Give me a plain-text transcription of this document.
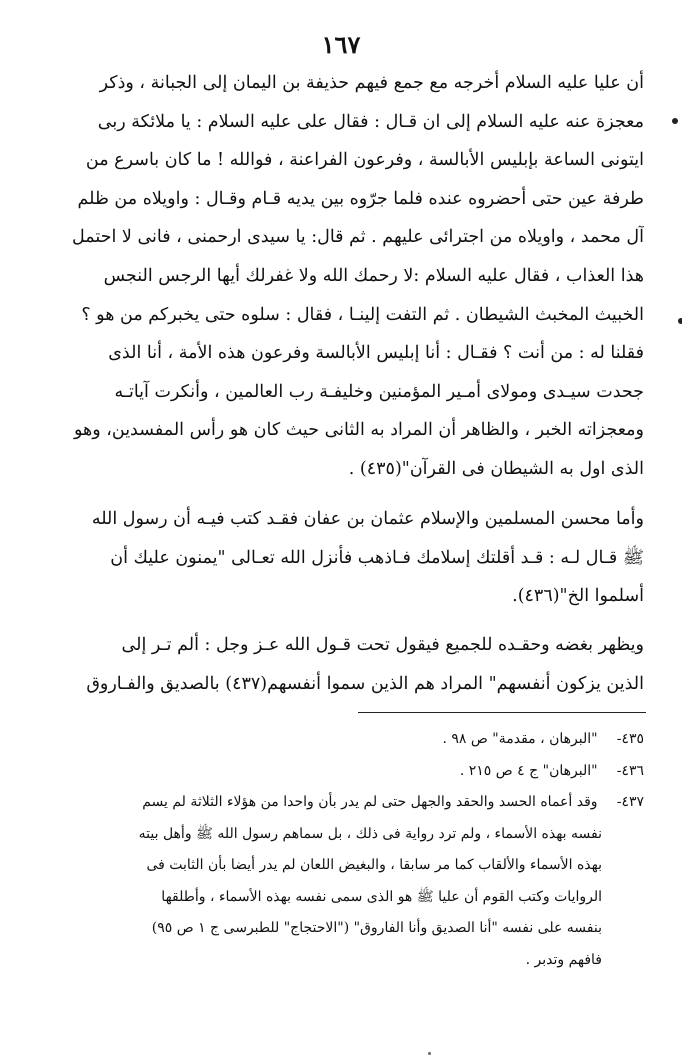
١٦٧
أن عليا عليه السلام أخرجه مع جمع فيهم حذيفة بن اليمان إلى الجبانة ، وذكر
معجزة عنه عليه السلام إلى ان قـال : فقال على عليه السلام : يا ملائكة ربى
ايتونى الساعة بإبليس الأبالسة ، وفرعون الفراعنة ، فوالله ! ما كان باسرع من
طرفة عين حتى أحضروه عنده فلما جرّوه بين يديه قـام وقـال : واويلاه من ظلم
آل محمد ، واويلاه من اجترائى عليهم . ثم قال: يا سيدى ارحمنى ، فانى لا احتمل
هذا العذاب ، فقال عليه السلام :لا رحمك الله ولا غفرلك أيها الرجس النجس
الخبيث المخبث الشيطان . ثم التفت إلينـا ، فقال : سلوه حتى يخبركم من هو ؟
فقلنا له : من أنت ؟ فقـال : أنا إبليس الأبالسة وفرعون هذه الأمة ، أنا الذى
جحدت سيـدى ومولاى أمـير المؤمنين وخليفـة رب العالمين ، وأنكرت آياتـه
ومعجزاته الخبر ، والظاهر أن المراد به الثانى حيث كان هو رأس المفسدين، وهو
الذى اول به الشيطان فى القرآن"(٤٣٥) .
وأما محسن المسلمين والإسلام عثمان بن عفان فقـد كتب فيـه أن رسول الله
ﷺ قـال لـه : قـد أقلتك إسلامك فـاذهب فأنزل الله تعـالى "يمنون عليك أن
أسلموا الخ"(٤٣٦).
ويظهر بغضه وحقـده للجميع فيقول تحت قـول الله عـز وجل : ألم تـر إلى
الذين يزكون أنفسهم" المراد هم الذين سموا أنفسهم(٤٣٧) بالصديق والفـاروق
٤٣٥- "البرهان ، مقدمة" ص ٩٨ .
٤٣٦- "البرهان" ج ٤ ص ٢١٥ .
٤٣٧- وقد أعماه الحسد والحقد والجهل حتى لم يدر بأن واحدا من هؤلاء الثلاثة لم يسم
نفسه بهذه الأسماء ، ولم ترد رواية فى ذلك ، بل سماهم رسول الله ﷺ وأهل بيته
بهذه الأسماء والألقاب كما مر سابقا ، والبغيض اللعان لم يدر أيضا بأن الثابت فى
الروايات وكتب القوم أن عليا ﷺ هو الذى سمى نفسه بهذه الأسماء ، وأطلقها
بنفسه على نفسه "أنا الصديق وأنا الفاروق" ("الاحتجاج" للطبرسى ج ١ ص ٩٥)
فافهم وتدبر .
